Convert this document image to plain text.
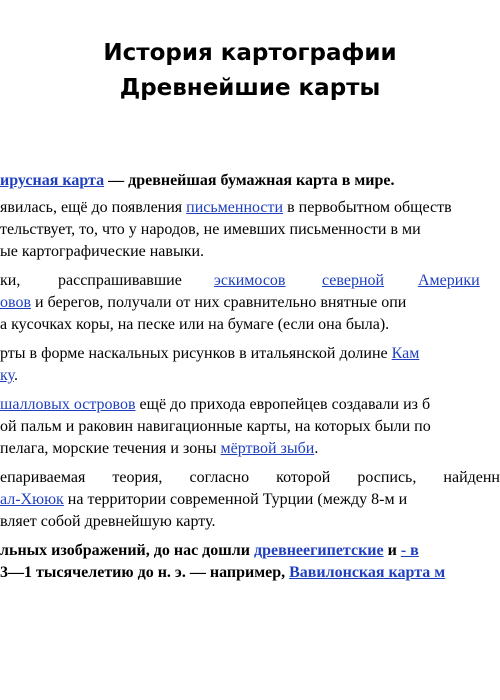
История картографии
Древнейшие карты
ирусная карта — древнейшая бумажная карта в мире.
явилась, ещё до появления письменности в первобытном обществ
тельствует, то, что у народов, не имевших письменности в ми
ые картографические навыки.
ки, расспрашивавшие эскимосов северной Америки
овов и берегов, получали от них сравнительно внятные опи
а кусочках коры, на песке или на бумаге (если она была).
рты в форме наскальных рисунков в итальянской долине Кам
ку.
шалловых островов ещё до прихода европейцев создавали из б
ой пальм и раковин навигационные карты, на которых были по
пелага, морские течения и зоны мёртвой зыби.
епариваемая теория, согласно которой роспись, найденн
ал-Хююк на территории современной Турции (между 8-м и
вляет собой древнейшую карту.
льных изображений, до нас дошли древнеегипетские и - в
3—1 тысячелетию до н. э. — например, Вавилонская карта м
